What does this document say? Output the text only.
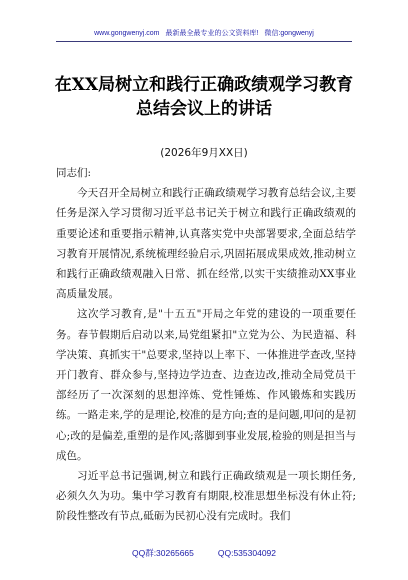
www.gongwenyj.com 最新最全最专业的公文资料库! 微信:gongwenyj
在XX局树立和践行正确政绩观学习教育
总结会议上的讲话
(2026年9月XX日)

同志们:

今天召开全局树立和践行正确政绩观学习教育总结会议,主要任务是深入学习贯彻习近平总书记关于树立和践行正确政绩观的重要论述和重要指示精神,认真落实党中央部署要求,全面总结学习教育开展情况,系统梳理经验启示,巩固拓展成果成效,推动树立和践行正确政绩观融入日常、抓在经常,以实干实绩推动XX事业高质量发展。

这次学习教育,是"十五五"开局之年党的建设的一项重要任务。春节假期后启动以来,局党组紧扣"立党为公、为民造福、科学决策、真抓实干"总要求,坚持以上率下、一体推进学查改,坚持开门教育、群众参与,坚持边学边查、边查边改,推动全局党员干部经历了一次深刻的思想淬炼、党性锤炼、作风锻炼和实践历练。一路走来,学的是理论,校准的是方向;查的是问题,叩问的是初心;改的是偏差,重塑的是作风;落脚到事业发展,检验的则是担当与成色。

习近平总书记强调,树立和践行正确政绩观是一项长期任务,必须久久为功。集中学习教育有期限,校准思想坐标没有休止符;阶段性整改有节点,砥砺为民初心没有完成时。我们

QQ群:30265665	QQ:535304092
